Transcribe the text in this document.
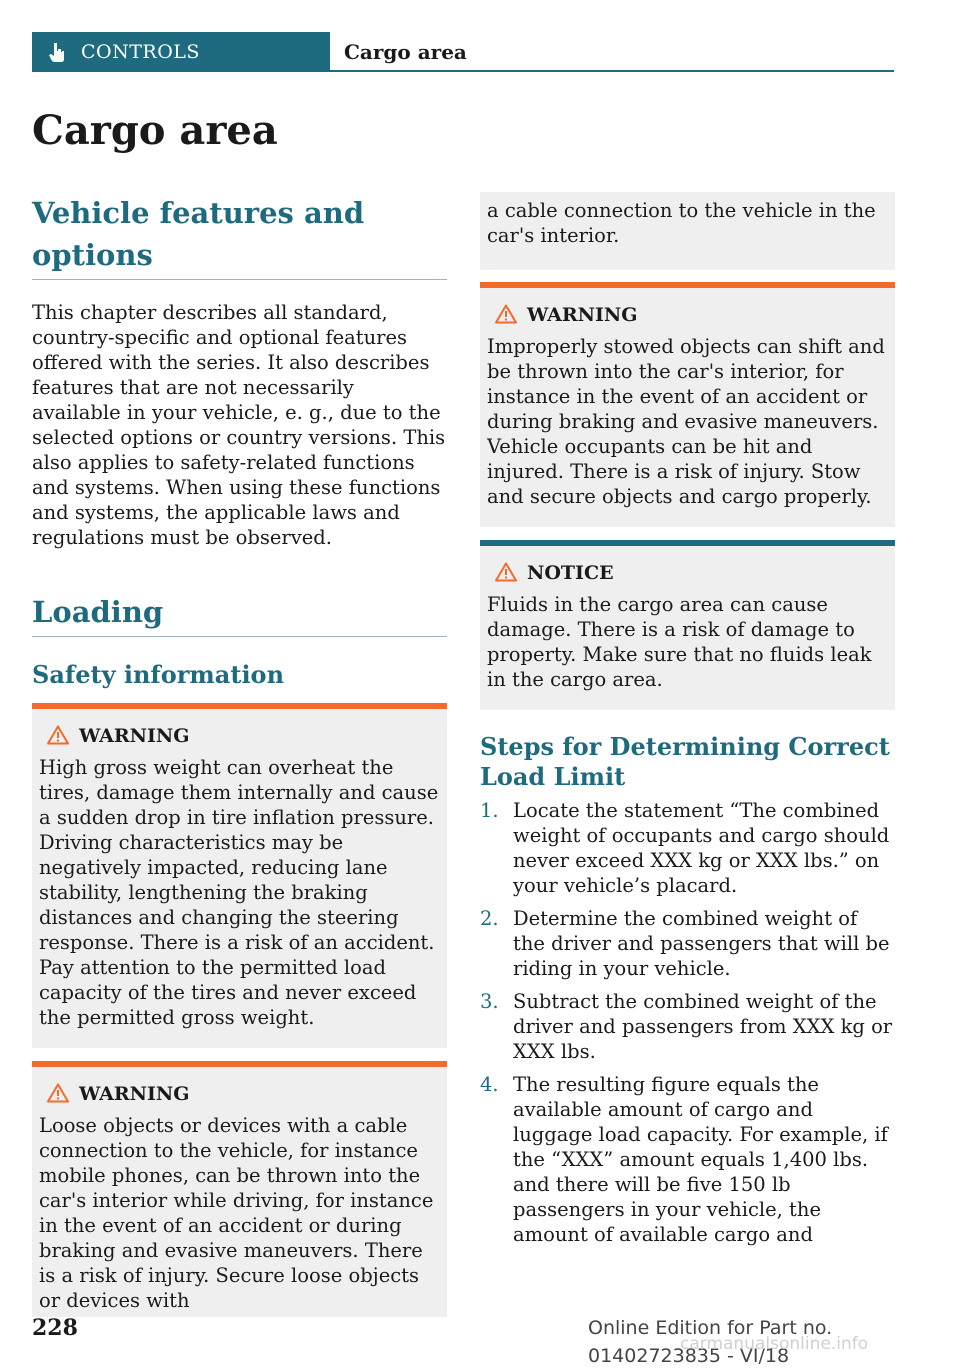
CONTROLS	Cargo area
Cargo area
Vehicle features and options

This chapter describes all standard, country-specific and optional features offered with the series. It also describes features that are not necessarily available in your vehicle, e. g., due to the selected options or country versions. This also applies to safety-related functions and systems. When using these functions and systems, the applicable laws and regulations must be observed.

Loading
Safety information
WARNING

High gross weight can overheat the tires, damage them internally and cause a sudden drop in tire inflation pressure. Driving characteristics may be negatively impacted, reducing lane stability, lengthening the braking distances and changing the steering response. There is a risk of an accident. Pay attention to the permitted load capacity of the tires and never exceed the permitted gross weight.

WARNING

Loose objects or devices with a cable connection to the vehicle, for instance mobile phones, can be thrown into the car's interior while driving, for instance in the event of an accident or during braking and evasive maneuvers. There is a risk of injury. Secure loose objects or devices with

a cable connection to the vehicle in the car's interior.

WARNING

Improperly stowed objects can shift and be thrown into the car's interior, for instance in the event of an accident or during braking and evasive maneuvers. Vehicle occupants can be hit and injured. There is a risk of injury. Stow and secure objects and cargo properly.

NOTICE

Fluids in the cargo area can cause damage. There is a risk of damage to property. Make sure that no fluids leak in the cargo area.

Steps for Determining Correct Load Limit
1. Locate the statement “The combined weight of occupants and cargo should never exceed XXX kg or XXX lbs.” on your vehicle’s placard.

2. Determine the combined weight of the driver and passengers that will be riding in your vehicle.

3. Subtract the combined weight of the driver and passengers from XXX kg or XXX lbs.

4. The resulting figure equals the available amount of cargo and luggage load capacity. For example, if the “XXX” amount equals 1,400 lbs. and there will be five 150 lb passengers in your vehicle, the amount of available cargo and

228	Online Edition for Part no. 01402723835 - VI/18
carmanualsonline.info
